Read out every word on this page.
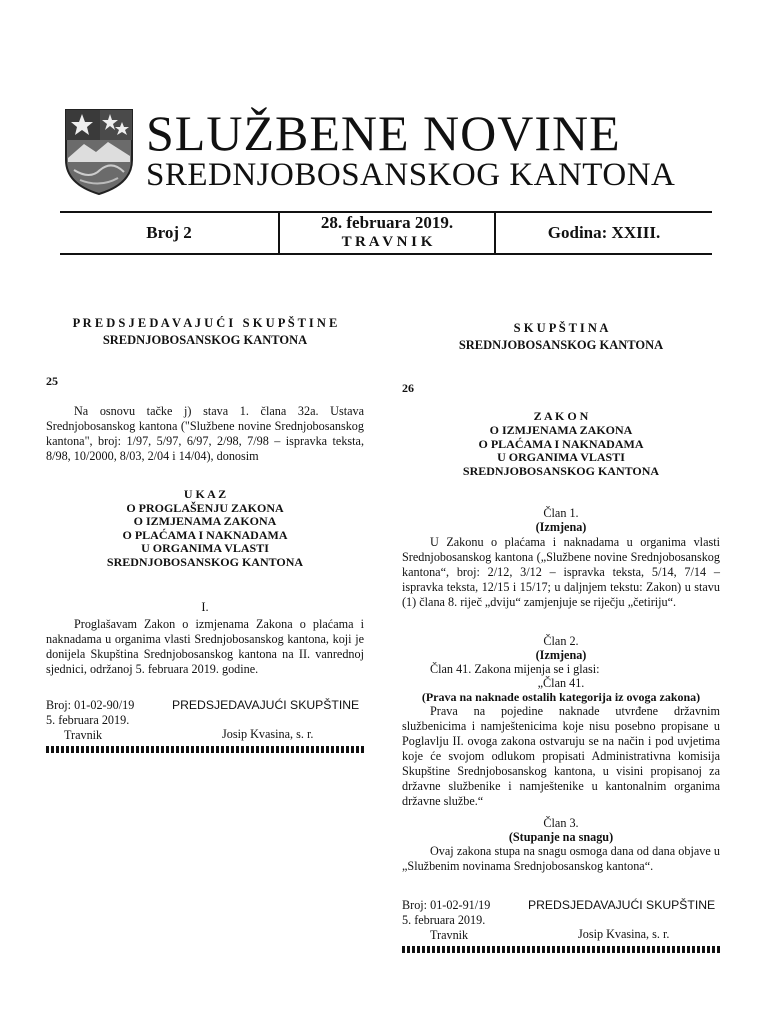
SLUŽBENE NOVINE
SREDNJOBOSANSKOG KANTONA
Broj 2
28. februara 2019.
T R A V N I K	Godina: XXIII.
P R E D S J E D A V A J U Ć I   S K U P Š T I N E
SREDNJOBOSANSKOG KANTONA
25
Na osnovu tačke j) stava 1. člana 32a. Ustava Srednjobosanskog kantona ("Službene novine Srednjobosanskog kantona", broj: 1/97, 5/97, 6/97, 2/98, 7/98 – ispravka teksta, 8/98, 10/2000, 8/03, 2/04 i 14/04), donosim
U K A Z
O PROGLAŠENJU ZAKONA
O IZMJENAMA ZAKONA
O PLAĆAMA I NAKNADAMA
U ORGANIMA VLASTI
SREDNJOBOSANSKOG KANTONA
I.
Proglašavam Zakon o izmjenama Zakona o plaćama i naknadama u organima vlasti Srednjobosanskog kantona, koji je donijela Skupština Srednjobosanskog kantona na II. vanrednoj sjednici, održanoj 5. februara 2019. godine.
Broj: 01-02-90/19
5. februara 2019.
Travnik
PREDSJEDAVAJUĆI SKUPŠTINE
Josip Kvasina, s. r.
S K U P Š T I N A
SREDNJOBOSANSKOG KANTONA
26
Z A K O N
O IZMJENAMA ZAKONA
O PLAĆAMA I NAKNADAMA
U ORGANIMA VLASTI
SREDNJOBOSANSKOG KANTONA
Član 1.
(Izmjena)
U Zakonu o plaćama i naknadama u organima vlasti Srednjobosanskog kantona („Službene novine Srednjobosanskog kantona“, broj: 2/12, 3/12 – ispravka teksta, 5/14, 7/14 – ispravka teksta, 12/15 i 15/17; u daljnjem tekstu: Zakon) u stavu (1) člana 8. riječ „dviju“ zamjenjuje se riječju „četiriju“.
Član 2.
(Izmjena)
Član 41. Zakona mijenja se i glasi:
„Član 41.
(Prava na naknade ostalih kategorija iz ovoga zakona)
Prava na pojedine naknade utvrđene državnim službenicima i namještenicima koje nisu posebno propisane u Poglavlju II. ovoga zakona ostvaruju se na način i pod uvjetima koje će svojom odlukom propisati Administrativna komisija Skupštine Srednjobosanskog kantona, u visini propisanoj za državne službenike i namještenike u kantonalnim organima državne službe.“
Član 3.
(Stupanje na snagu)
Ovaj zakona stupa na snagu osmoga dana od dana objave u „Službenim novinama Srednjobosanskog kantona“.
Broj: 01-02-91/19
5. februara 2019.
Travnik
PREDSJEDAVAJUĆI SKUPŠTINE
Josip Kvasina, s. r.
